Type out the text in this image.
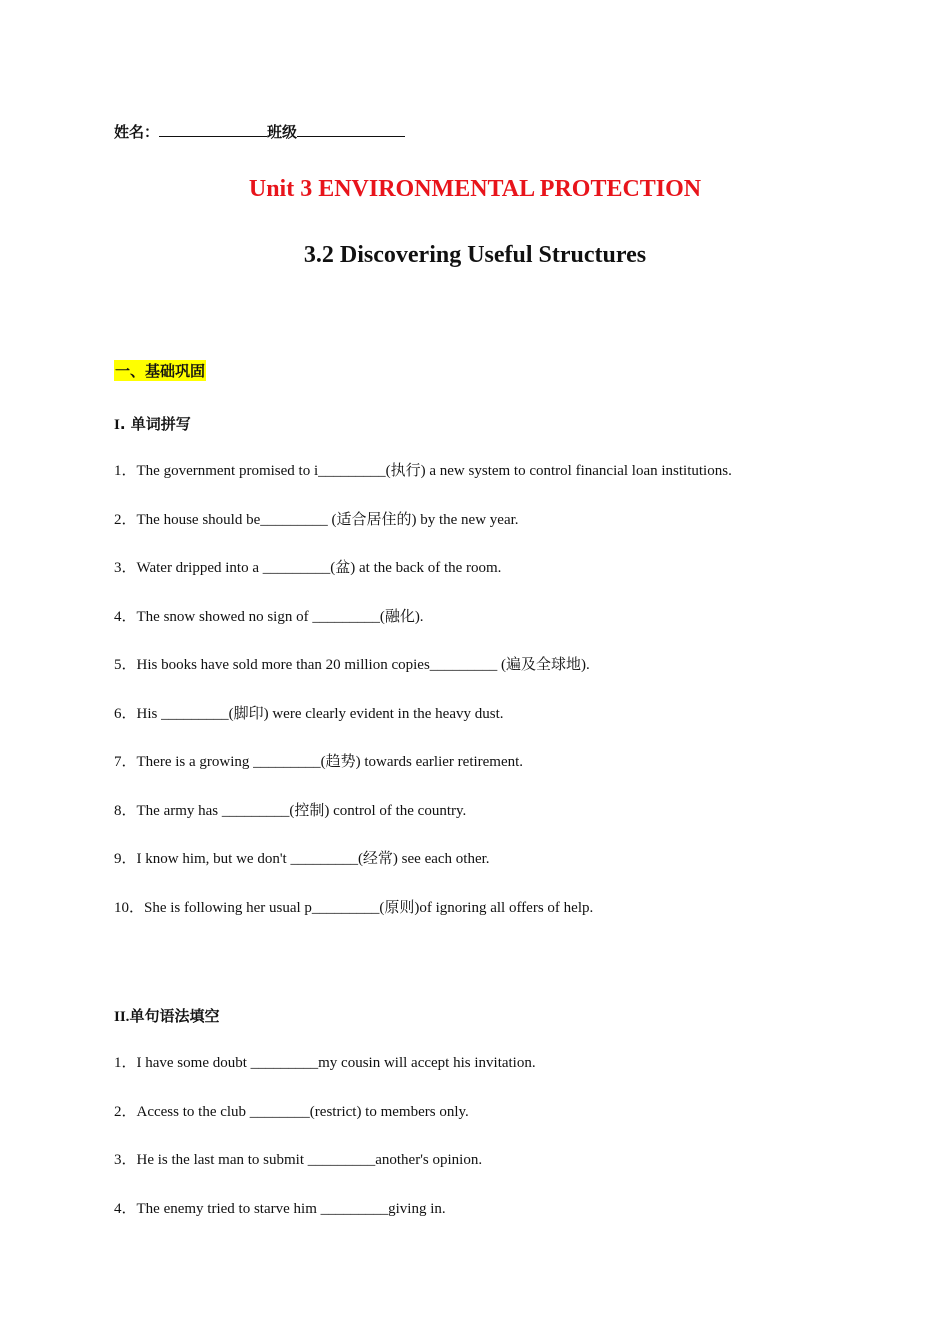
姓名：	班级
Unit 3 ENVIRONMENTAL PROTECTION
3.2 Discovering Useful Structures
一、基础巩固
I. 单词拼写
1．The government promised to i_________(执行) a new system to control financial loan institutions.
2．The house should be_________ (适合居住的) by the new year.
3．Water dripped into a _________(盆) at the back of the room.
4．The snow showed no sign of _________(融化).
5．His books have sold more than 20 million copies_________ (遍及全球地).
6．His _________(脚印) were clearly evident in the heavy dust.
7．There is a growing _________(趋势) towards earlier retirement.
8．The army has _________(控制) control of the country.
9．I know him, but we don't _________(经常) see each other.
10．She is following her usual p_________(原则)of ignoring all offers of help.
II.单句语法填空
1．I have some doubt _________my cousin will accept his invitation.
2．Access to the club ________(restrict) to members only.
3．He is the last man to submit _________another's opinion.
4．The enemy tried to starve him _________giving in.
